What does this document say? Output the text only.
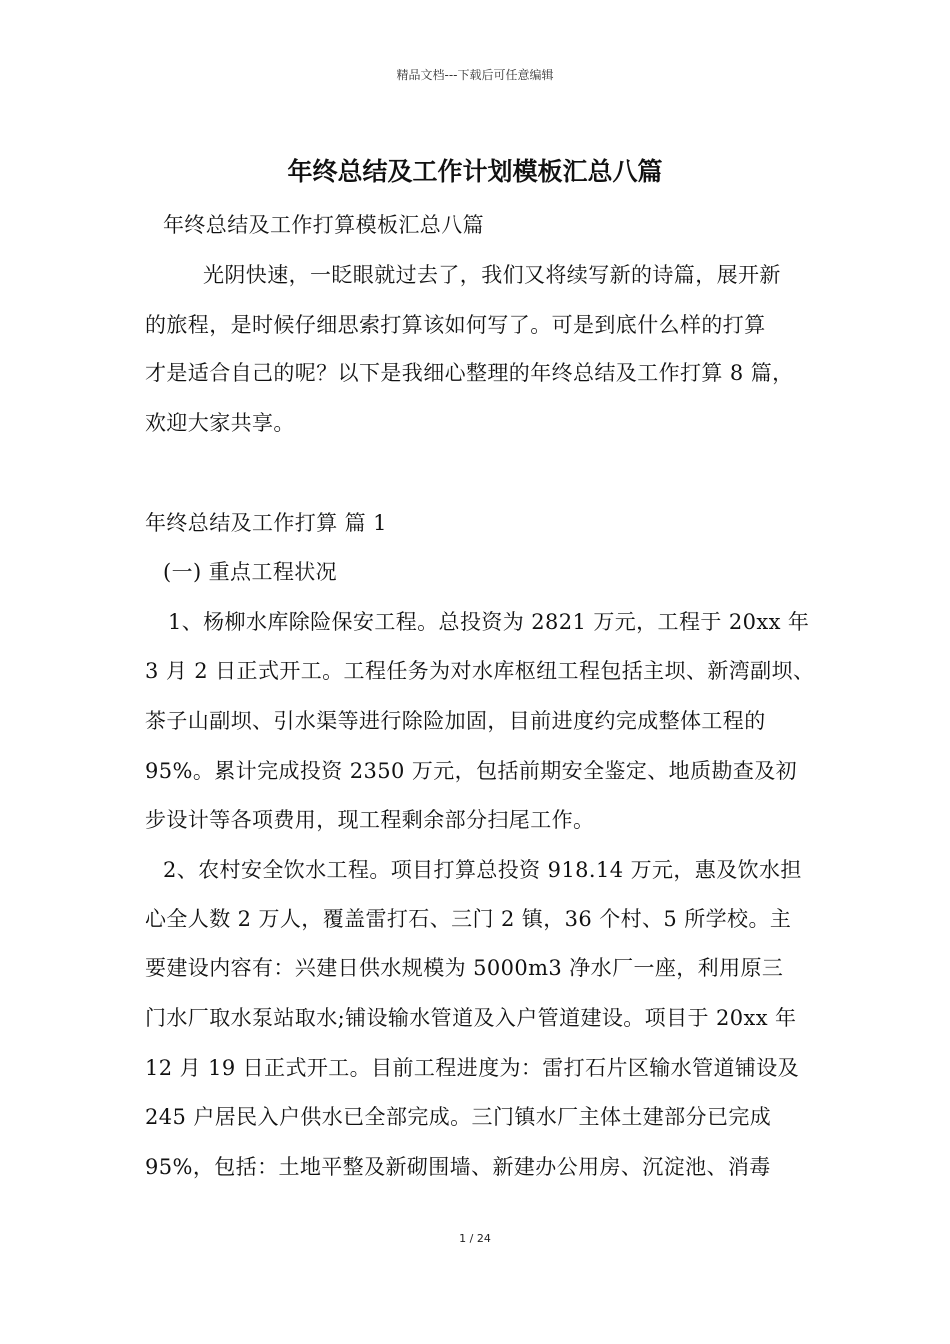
精品文档---下载后可任意编辑
年终总结及工作计划模板汇总八篇
年终总结及工作打算模板汇总八篇
光阴快速，一眨眼就过去了，我们又将续写新的诗篇，展开新
的旅程，是时候仔细思索打算该如何写了。可是到底什么样的打算
才是适合自己的呢？以下是我细心整理的年终总结及工作打算 8 篇，
欢迎大家共享。
年终总结及工作打算 篇 1
(一) 重点工程状况
1、杨柳水库除险保安工程。总投资为 2821 万元，工程于 20xx 年
3 月 2 日正式开工。工程任务为对水库枢纽工程包括主坝、新湾副坝、
茶子山副坝、引水渠等进行除险加固，目前进度约完成整体工程的
95%。累计完成投资 2350 万元，包括前期安全鉴定、地质勘查及初
步设计等各项费用，现工程剩余部分扫尾工作。
2、农村安全饮水工程。项目打算总投资 918.14 万元，惠及饮水担
心全人数 2 万人，覆盖雷打石、三门 2 镇，36 个村、5 所学校。主
要建设内容有：兴建日供水规模为 5000m3 净水厂一座，利用原三
门水厂取水泵站取水;铺设输水管道及入户管道建设。项目于 20xx 年
12 月 19 日正式开工。目前工程进度为：雷打石片区输水管道铺设及
245 户居民入户供水已全部完成。三门镇水厂主体土建部分已完成
95%，包括：土地平整及新砌围墙、新建办公用房、沉淀池、消毒
1 / 24
